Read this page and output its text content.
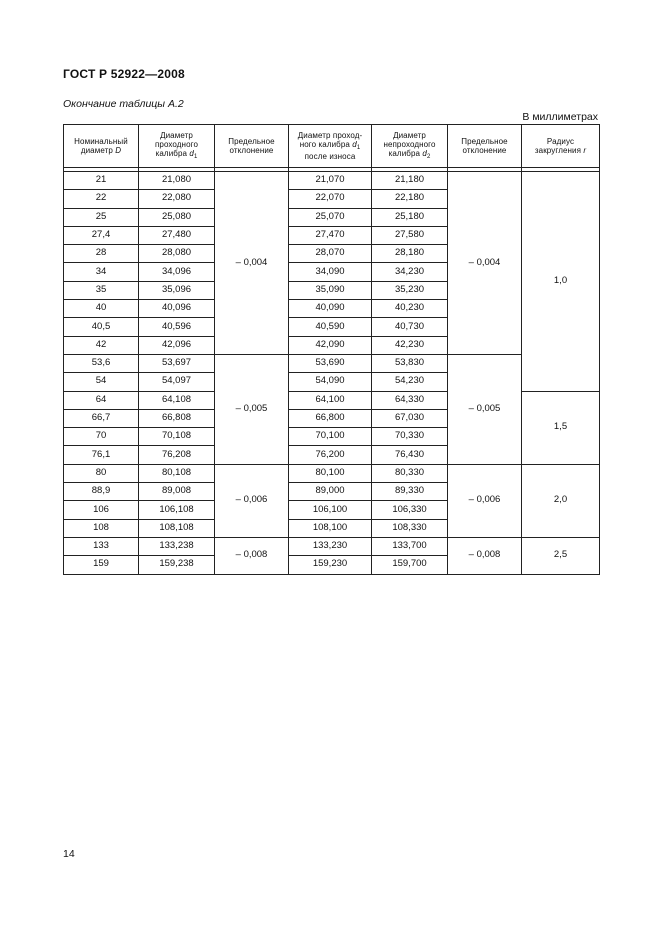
ГОСТ Р 52922—2008
Окончание таблицы А.2
В миллиметрах
Номинальный
диаметр D	Диаметр
проходного
калибра $d_1$	Предельное
отклонение	Диаметр проход-
ного калибра $d_1$
после износа	Диаметр
непроходного
калибра $d_2$	Предельное
отклонение	Радиус
закругления r

21	21,080	– 0,004	21,070	21,180	– 0,004	1,0
22	22,080		22,070	22,180		
25	25,080		25,070	25,180		
27,4	27,480		27,470	27,580		
28	28,080		28,070	28,180		
34	34,096		34,090	34,230		
35	35,096		35,090	35,230		
40	40,096		40,090	40,230		
40,5	40,596		40,590	40,730		
42	42,096		42,090	42,230		
53,6	53,697	– 0,005	53,690	53,830	– 0,005	
54	54,097		54,090	54,230		
64	64,108		64,100	64,330		1,5
66,7	66,808		66,800	67,030		
70	70,108		70,100	70,330		
76,1	76,208		76,200	76,430		
80	80,108	– 0,006	80,100	80,330	– 0,006	2,0
88,9	89,008		89,000	89,330		
106	106,108		106,100	106,330		
108	108,108		108,100	108,330		
133	133,238	– 0,008	133,230	133,700	– 0,008	2,5
159	159,238		159,230	159,700		
14
